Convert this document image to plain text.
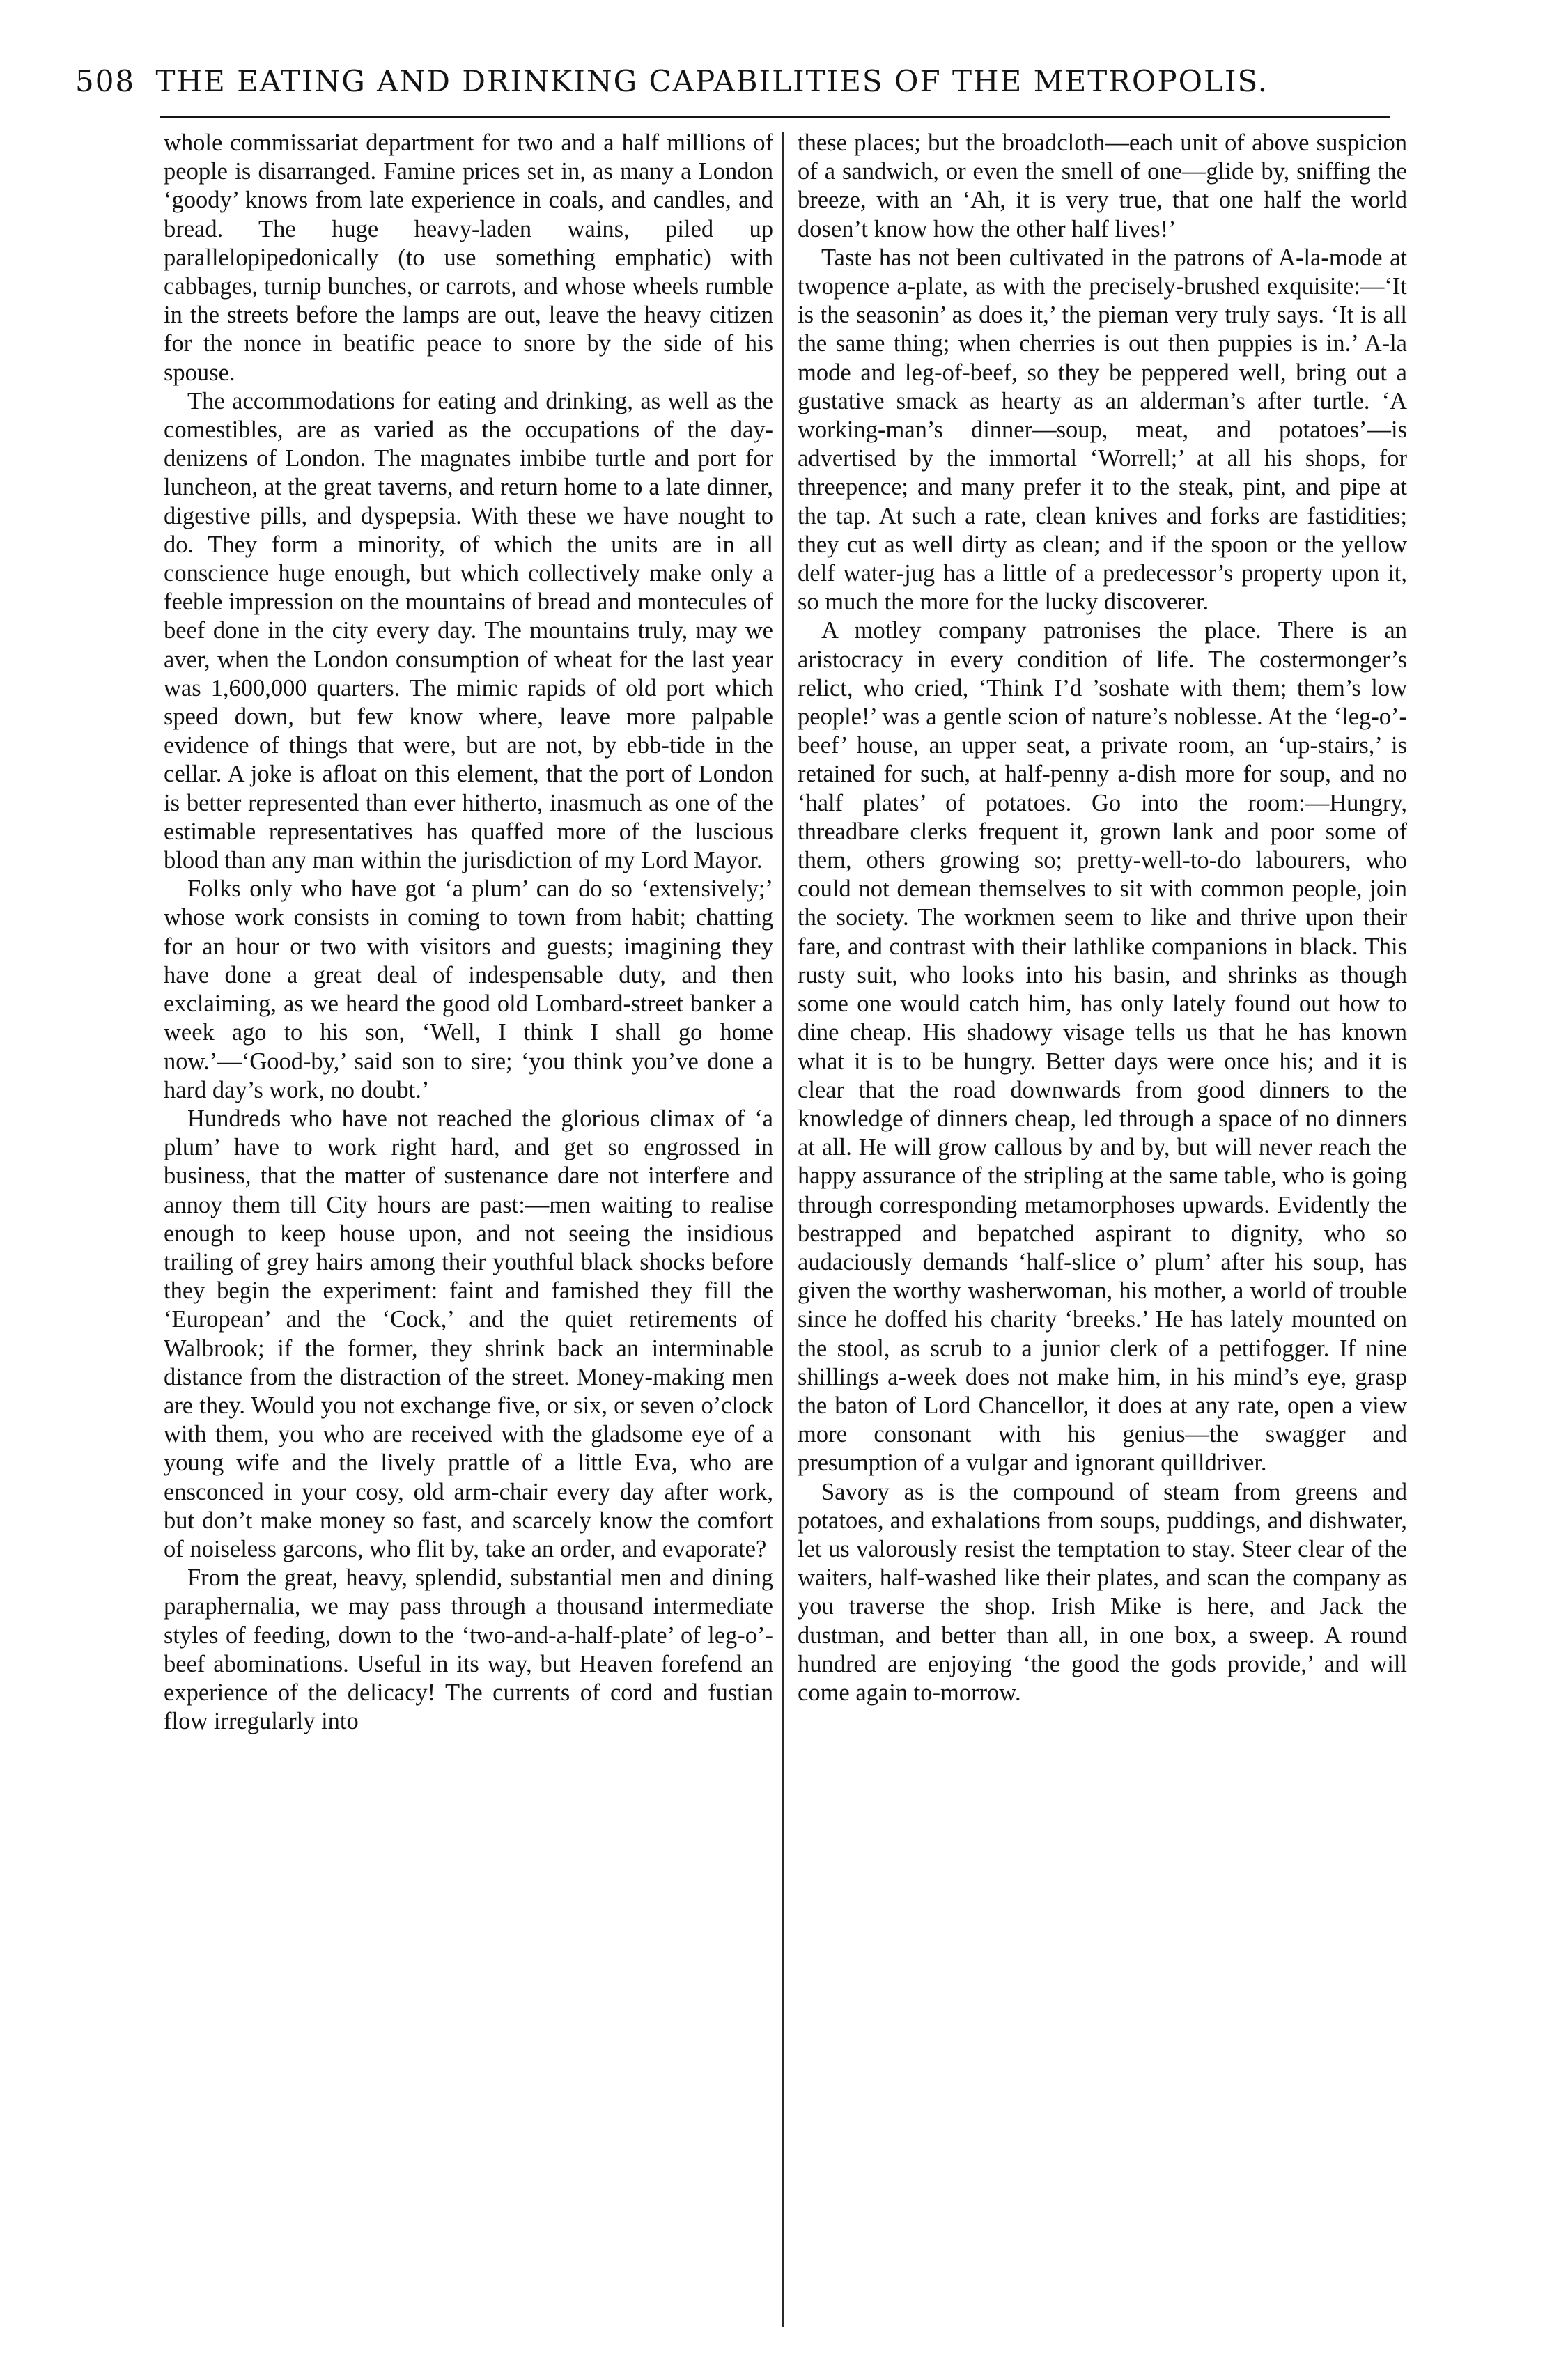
508 THE EATING AND DRINKING CAPABILITIES OF THE METROPOLIS.

whole commissariat department for two and a half millions of people is disarranged. Famine prices set in, as many a London ‘goody’ knows from late experience in coals, and candles, and bread. The huge heavy-laden wains, piled up parallelopipedonically (to use something emphatic) with cabbages, turnip bunches, or carrots, and whose wheels rumble in the streets before the lamps are out, leave the heavy citizen for the nonce in beatific peace to snore by the side of his spouse.

The accommodations for eating and drinking, as well as the comestibles, are as varied as the occupations of the day-denizens of London. The magnates imbibe turtle and port for luncheon, at the great taverns, and return home to a late dinner, digestive pills, and dyspepsia. With these we have nought to do. They form a minority, of which the units are in all conscience huge enough, but which collectively make only a feeble impression on the mountains of bread and montecules of beef done in the city every day. The mountains truly, may we aver, when the London consumption of wheat for the last year was 1,600,000 quarters. The mimic rapids of old port which speed down, but few know where, leave more palpable evidence of things that were, but are not, by ebb-tide in the cellar. A joke is afloat on this element, that the port of London is better represented than ever hitherto, inasmuch as one of the estimable representatives has quaffed more of the luscious blood than any man within the jurisdiction of my Lord Mayor.

Folks only who have got ‘a plum’ can do so ‘extensively;’ whose work consists in coming to town from habit; chatting for an hour or two with visitors and guests; imagining they have done a great deal of indespensable duty, and then exclaiming, as we heard the good old Lombard-street banker a week ago to his son, ‘Well, I think I shall go home now.’—‘Good-by,’ said son to sire; ‘you think you’ve done a hard day’s work, no doubt.’

Hundreds who have not reached the glorious climax of ‘a plum’ have to work right hard, and get so engrossed in business, that the matter of sustenance dare not interfere and annoy them till City hours are past:—men waiting to realise enough to keep house upon, and not seeing the insidious trailing of grey hairs among their youthful black shocks before they begin the experiment: faint and famished they fill the ‘European’ and the ‘Cock,’ and the quiet retirements of Walbrook; if the former, they shrink back an interminable distance from the distraction of the street. Money-making men are they. Would you not exchange five, or six, or seven o’clock with them, you who are received with the gladsome eye of a young wife and the lively prattle of a little Eva, who are ensconced in your cosy, old arm-chair every day after work, but don’t make money so fast, and scarcely know the comfort of noiseless garcons, who flit by, take an order, and evaporate?

From the great, heavy, splendid, substantial men and dining paraphernalia, we may pass through a thousand intermediate styles of feeding, down to the ‘two-and-a-half-plate’ of leg-o’-beef abominations. Useful in its way, but Heaven forefend an experience of the delicacy! The currents of cord and fustian flow irregularly into

these places; but the broadcloth—each unit of above suspicion of a sandwich, or even the smell of one—glide by, sniffing the breeze, with an ‘Ah, it is very true, that one half the world dosen’t know how the other half lives!’

Taste has not been cultivated in the patrons of A-la-mode at twopence a-plate, as with the precisely-brushed exquisite:—‘It is the seasonin’ as does it,’ the pieman very truly says. ‘It is all the same thing; when cherries is out then puppies is in.’ A-la mode and leg-of-beef, so they be peppered well, bring out a gustative smack as hearty as an alderman’s after turtle. ‘A working-man’s dinner—soup, meat, and potatoes’—is advertised by the immortal ‘Worrell;’ at all his shops, for threepence; and many prefer it to the steak, pint, and pipe at the tap. At such a rate, clean knives and forks are fastidities; they cut as well dirty as clean; and if the spoon or the yellow delf water-jug has a little of a predecessor’s property upon it, so much the more for the lucky discoverer.

A motley company patronises the place. There is an aristocracy in every condition of life. The costermonger’s relict, who cried, ‘Think I’d ’soshate with them; them’s low people!’ was a gentle scion of nature’s noblesse. At the ‘leg-o’-beef’ house, an upper seat, a private room, an ‘up-stairs,’ is retained for such, at half-penny a-dish more for soup, and no ‘half plates’ of potatoes. Go into the room:—Hungry, threadbare clerks frequent it, grown lank and poor some of them, others growing so; pretty-well-to-do labourers, who could not demean themselves to sit with common people, join the society. The workmen seem to like and thrive upon their fare, and contrast with their lathlike companions in black. This rusty suit, who looks into his basin, and shrinks as though some one would catch him, has only lately found out how to dine cheap. His shadowy visage tells us that he has known what it is to be hungry. Better days were once his; and it is clear that the road downwards from good dinners to the knowledge of dinners cheap, led through a space of no dinners at all. He will grow callous by and by, but will never reach the happy assurance of the stripling at the same table, who is going through corresponding metamorphoses upwards. Evidently the bestrapped and bepatched aspirant to dignity, who so audaciously demands ‘half-slice o’ plum’ after his soup, has given the worthy washerwoman, his mother, a world of trouble since he doffed his charity ‘breeks.’ He has lately mounted on the stool, as scrub to a junior clerk of a pettifogger. If nine shillings a-week does not make him, in his mind’s eye, grasp the baton of Lord Chancellor, it does at any rate, open a view more consonant with his genius—the swagger and presumption of a vulgar and ignorant quilldriver.

Savory as is the compound of steam from greens and potatoes, and exhalations from soups, puddings, and dishwater, let us valorously resist the temptation to stay. Steer clear of the waiters, half-washed like their plates, and scan the company as you traverse the shop. Irish Mike is here, and Jack the dustman, and better than all, in one box, a sweep. A round hundred are enjoying ‘the good the gods provide,’ and will come again to-morrow.
